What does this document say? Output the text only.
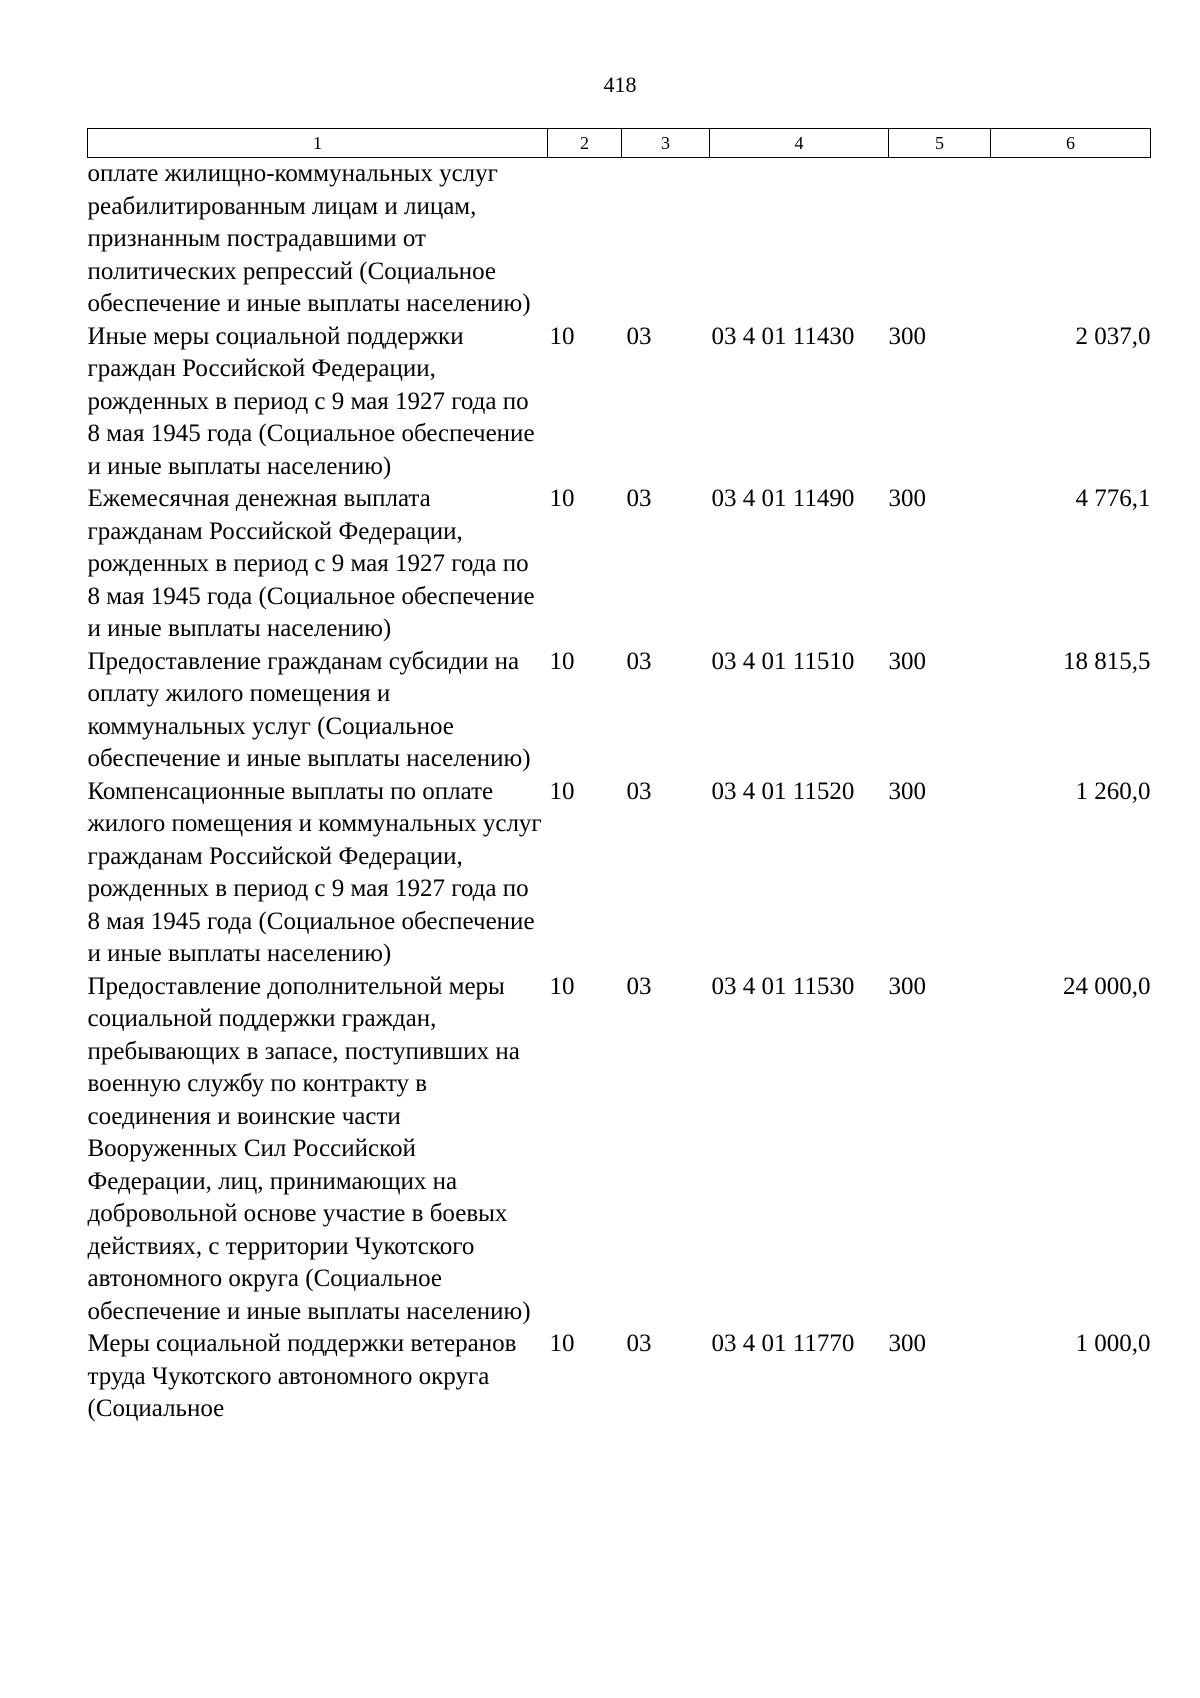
418
1	2	3	4	5	6
оплате жилищно-коммунальных услуг реабилитированным лицам и лицам, признанным пострадавшими от политических репрессий (Социальное обеспечение и иные выплаты населению)					
Иные меры социальной поддержки граждан Российской Федерации, рожденных в период с 9 мая 1927 года по 8 мая 1945 года (Социальное обеспечение и иные выплаты населению)	10	03	03 4 01 11430	300	2 037,0
Ежемесячная денежная выплата гражданам Российской Федерации, рожденных в период с 9 мая 1927 года по 8 мая 1945 года (Социальное обеспечение и иные выплаты населению)	10	03	03 4 01 11490	300	4 776,1
Предоставление гражданам субсидии на оплату жилого помещения и коммунальных услуг (Социальное обеспечение и иные выплаты населению)	10	03	03 4 01 11510	300	18 815,5
Компенсационные выплаты по оплате жилого помещения и коммунальных услуг гражданам Российской Федерации, рожденных в период с 9 мая 1927 года по 8 мая 1945 года (Социальное обеспечение и иные выплаты населению)	10	03	03 4 01 11520	300	1 260,0
Предоставление дополнительной меры социальной поддержки граждан, пребывающих в запасе, поступивших на военную службу по контракту в соединения и воинские части Вооруженных Сил Российской Федерации, лиц, принимающих на добровольной основе участие в боевых действиях, с территории Чукотского автономного округа (Социальное обеспечение и иные выплаты населению)	10	03	03 4 01 11530	300	24 000,0
Меры социальной поддержки ветеранов труда Чукотского автономного округа (Социальное	10	03	03 4 01 11770	300	1 000,0
